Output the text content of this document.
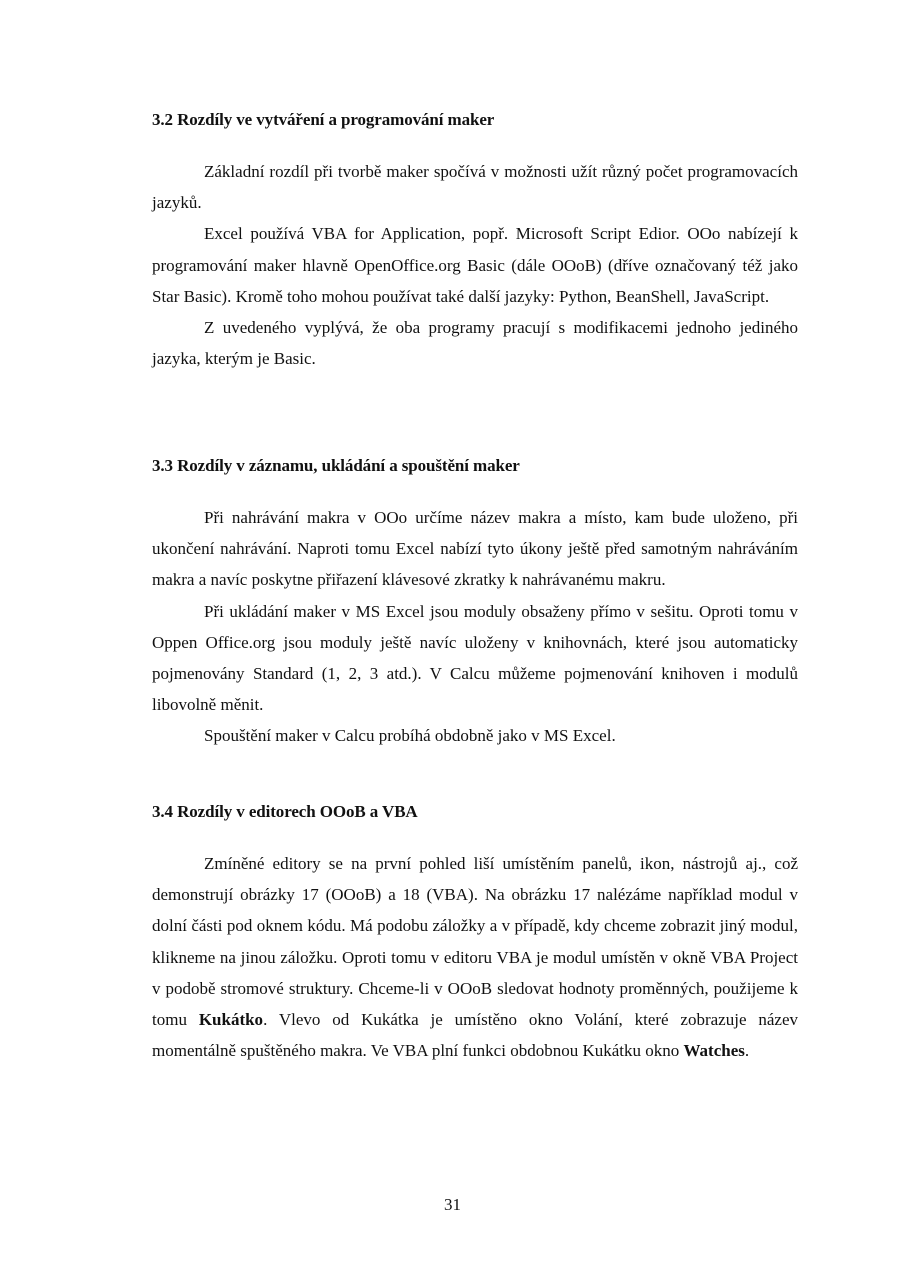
3.2 Rozdíly ve vytváření a programování maker

Základní rozdíl při tvorbě maker spočívá v možnosti užít různý počet programovacích jazyků.

Excel používá VBA for Application, popř. Microsoft Script Edior. OOo nabízejí k programování maker hlavně OpenOffice.org Basic (dále OOoB) (dříve označovaný též jako Star Basic). Kromě toho mohou používat také další jazyky: Python, BeanShell, JavaScript.

Z uvedeného vyplývá, že oba programy pracují s modifikacemi jednoho jediného jazyka, kterým je Basic.

3.3 Rozdíly v záznamu, ukládání a spouštění maker

Při nahrávání makra v OOo určíme název makra a místo, kam bude uloženo, při ukončení nahrávání. Naproti tomu Excel nabízí tyto úkony ještě před samotným nahráváním makra a navíc poskytne přiřazení klávesové zkratky k nahrávanému makru.

Při ukládání maker v MS Excel jsou moduly obsaženy přímo v sešitu. Oproti tomu v Oppen Office.org jsou moduly ještě navíc uloženy v knihovnách, které jsou automaticky pojmenovány Standard (1, 2, 3 atd.). V Calcu můžeme pojmenování knihoven i modulů libovolně měnit.

Spouštění maker v Calcu probíhá obdobně jako v MS Excel.

3.4 Rozdíly v editorech OOoB a VBA

Zmíněné editory se na první pohled liší umístěním panelů, ikon, nástrojů aj., což demonstrují obrázky 17 (OOoB) a 18 (VBA). Na obrázku 17 nalézáme například modul v dolní části pod oknem kódu. Má podobu záložky a v případě, kdy chceme zobrazit jiný modul, klikneme na jinou záložku. Oproti tomu v editoru VBA je modul umístěn v okně VBA Project v podobě stromové struktury. Chceme-li v OOoB sledovat hodnoty proměnných, použijeme k tomu Kukátko. Vlevo od Kukátka je umístěno okno Volání, které zobrazuje název momentálně spuštěného makra. Ve VBA plní funkci obdobnou Kukátku okno Watches.

31
